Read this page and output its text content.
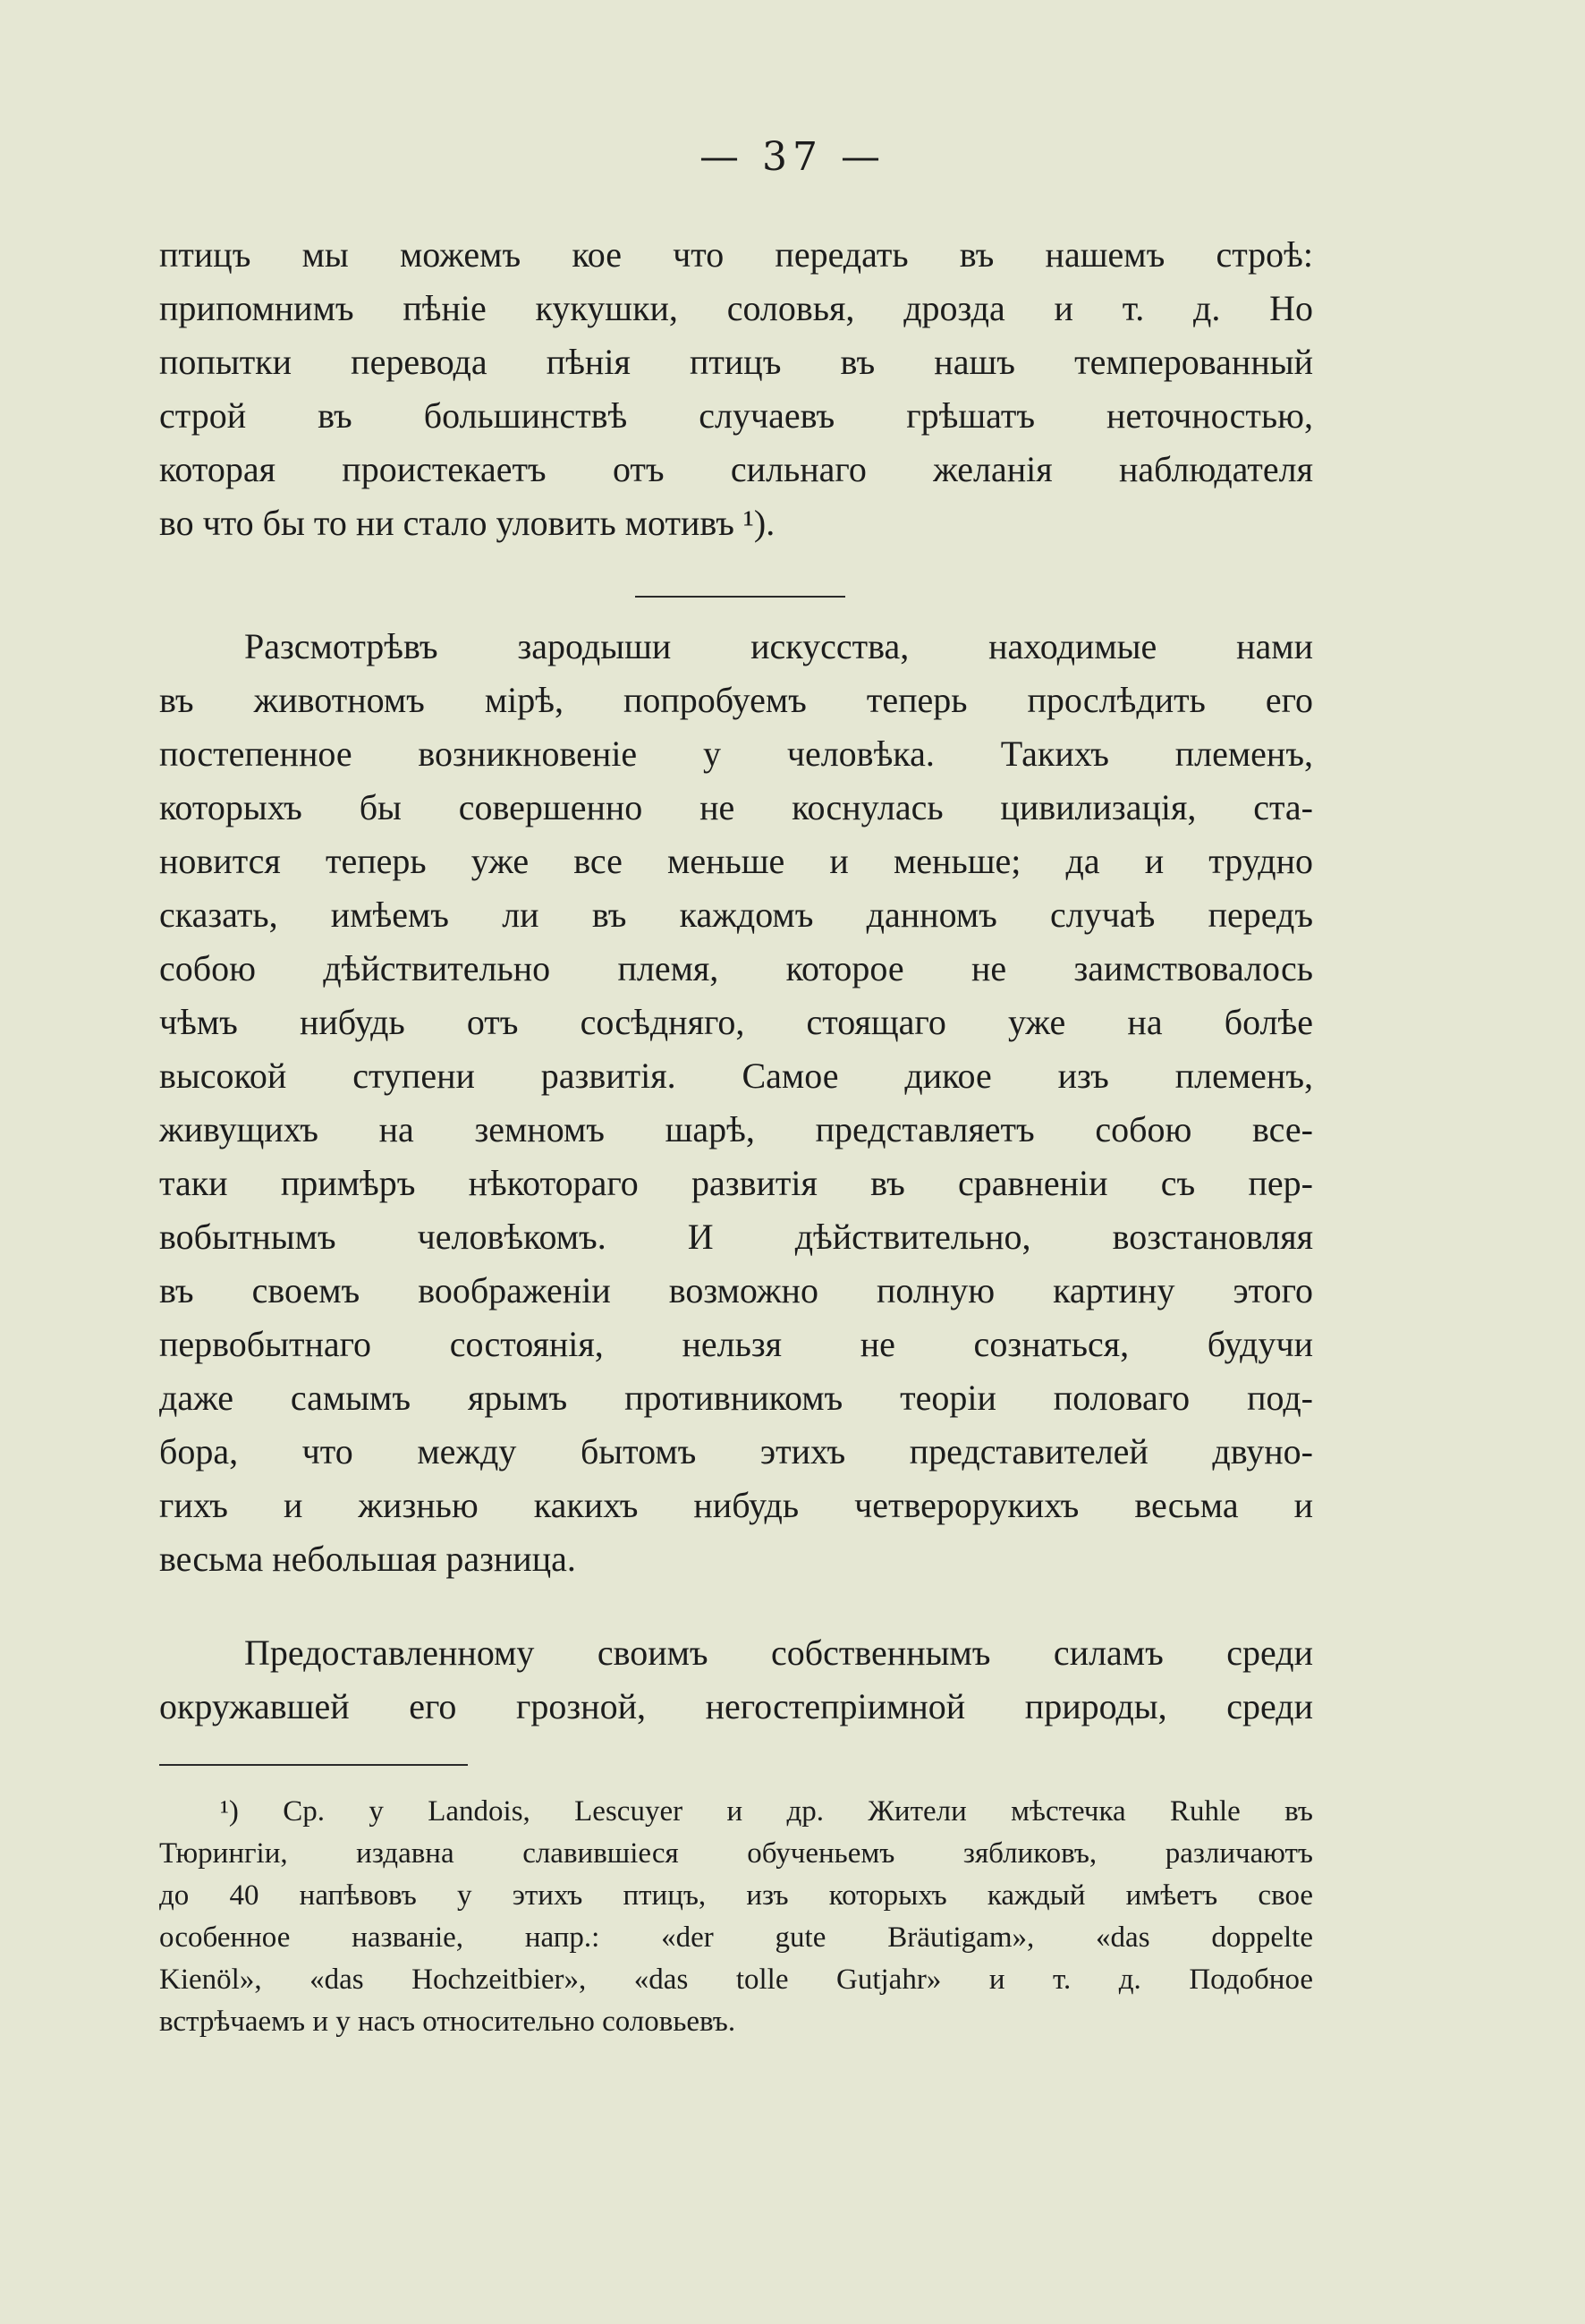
— 37 —
птицъ мы можемъ кое что передать въ нашемъ строѣ:
припомнимъ пѣніе кукушки, соловья, дрозда и т. д. Но
попытки перевода пѣнія птицъ въ нашъ темперованный
строй въ большинствѣ случаевъ грѣшатъ неточностью,
которая проистекаетъ отъ сильнаго желанія наблюдателя
во что бы то ни стало уловить мотивъ ¹).
Разсмотрѣвъ зародыши искусства, находимые нами
въ животномъ мірѣ, попробуемъ теперь прослѣдить его
постепенное возникновеніе у человѣка. Такихъ племенъ,
которыхъ бы совершенно не коснулась цивилизація, ста-
новится теперь уже все меньше и меньше; да и трудно
сказать, имѣемъ ли въ каждомъ данномъ случаѣ передъ
собою дѣйствительно племя, которое не заимствовалось
чѣмъ нибудь отъ сосѣдняго, стоящаго уже на болѣе
высокой ступени развитія. Самое дикое изъ племенъ,
живущихъ на земномъ шарѣ, представляетъ собою все-
таки примѣръ нѣкотораго развитія въ сравненіи съ пер-
вобытнымъ человѣкомъ. И дѣйствительно, возстановляя
въ своемъ воображеніи возможно полную картину этого
первобытнаго состоянія, нельзя не сознаться, будучи
даже самымъ ярымъ противникомъ теоріи половаго под-
бора, что между бытомъ этихъ представителей двуно-
гихъ и жизнью какихъ нибудь четверорукихъ весьма и
весьма небольшая разница.
Предоставленному своимъ собственнымъ силамъ среди
окружавшей его грозной, негостепріимной природы, среди
¹) Ср. у Landois, Lescuyer и др. Жители мѣстечка Ruhle въ
Тюрингіи, издавна славившіеся обученьемъ зябликовъ, различаютъ
до 40 напѣвовъ у этихъ птицъ, изъ которыхъ каждый имѣетъ свое
особенное названіе, напр.: «der gute Bräutigam», «das doppelte
Kienöl», «das Hochzeitbier», «das tolle Gutjahr» и т. д. Подобное
встрѣчаемъ и у насъ относительно соловьевъ.
